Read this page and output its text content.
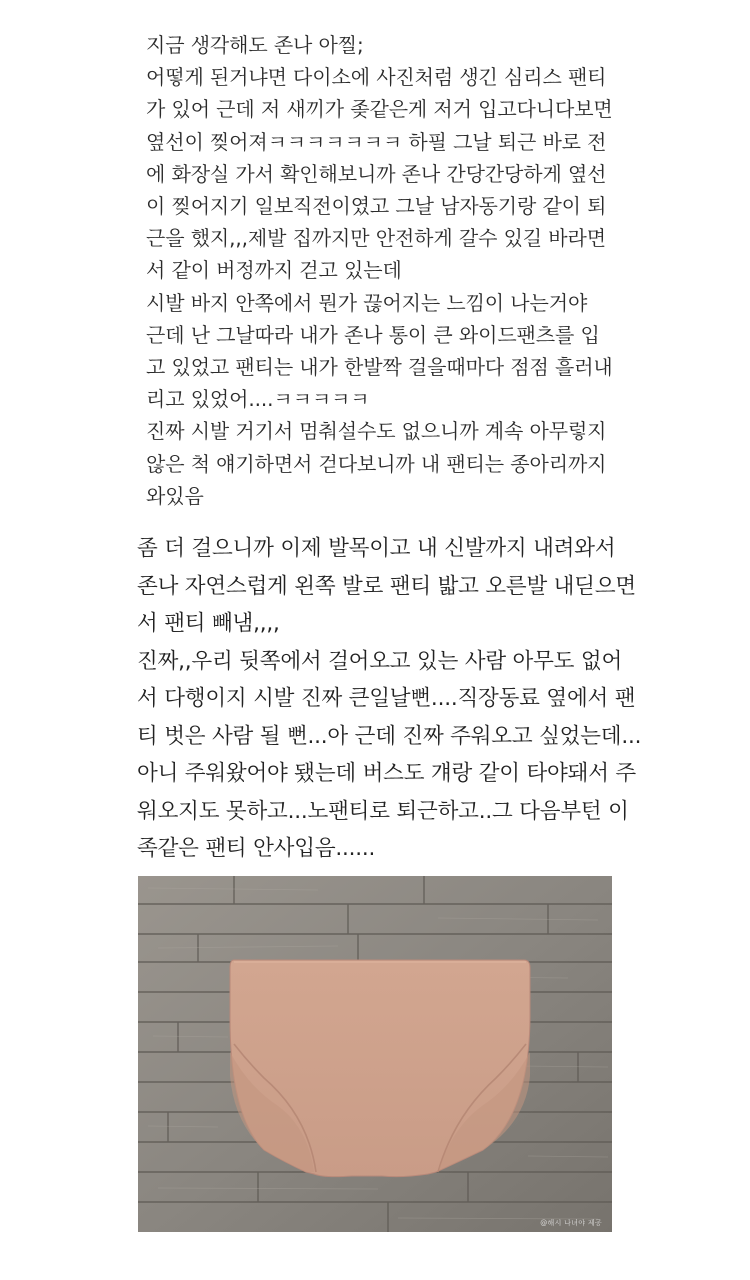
지금 생각해도 존나 아찔;
어떻게 된거냐면 다이소에 사진처럼 생긴 심리스 팬티
가 있어 근데 저 새끼가 좆같은게 저거 입고다니다보면
옆선이 찢어져ㅋㅋㅋㅋㅋㅋㅋ 하필 그날 퇴근 바로 전
에 화장실 가서 확인해보니까 존나 간당간당하게 옆선
이 찢어지기 일보직전이였고 그날 남자동기랑 같이 퇴
근을 했지,,,제발 집까지만 안전하게 갈수 있길 바라면
서 같이 버정까지 걷고 있는데
시발 바지 안쪽에서 뭔가 끊어지는 느낌이 나는거야
근데 난 그날따라 내가 존나 통이 큰 와이드팬츠를 입
고 있었고 팬티는 내가 한발짝 걸을때마다 점점 흘러내
리고 있었어....ㅋㅋㅋㅋㅋ
진짜 시발 거기서 멈춰설수도 없으니까 계속 아무렇지
않은 척 얘기하면서 걷다보니까 내 팬티는 종아리까지
와있음
좀 더 걸으니까 이제 발목이고 내 신발까지 내려와서
존나 자연스럽게 왼쪽 발로 팬티 밟고 오른발 내딛으면
서 팬티 빼냄,,,,
진짜,,우리 뒷쪽에서 걸어오고 있는 사람 아무도 없어
서 다행이지 시발 진짜 큰일날뻔....직장동료 옆에서 팬
티 벗은 사람 될 뻔...아 근데 진짜 주워오고 싶었는데...
아니 주워왔어야 됐는데 버스도 걔랑 같이 타야돼서 주
워오지도 못하고...노팬티로 퇴근하고..그 다음부턴 이
족같은 팬티 안사입음......
@해시 나녀야 제공
